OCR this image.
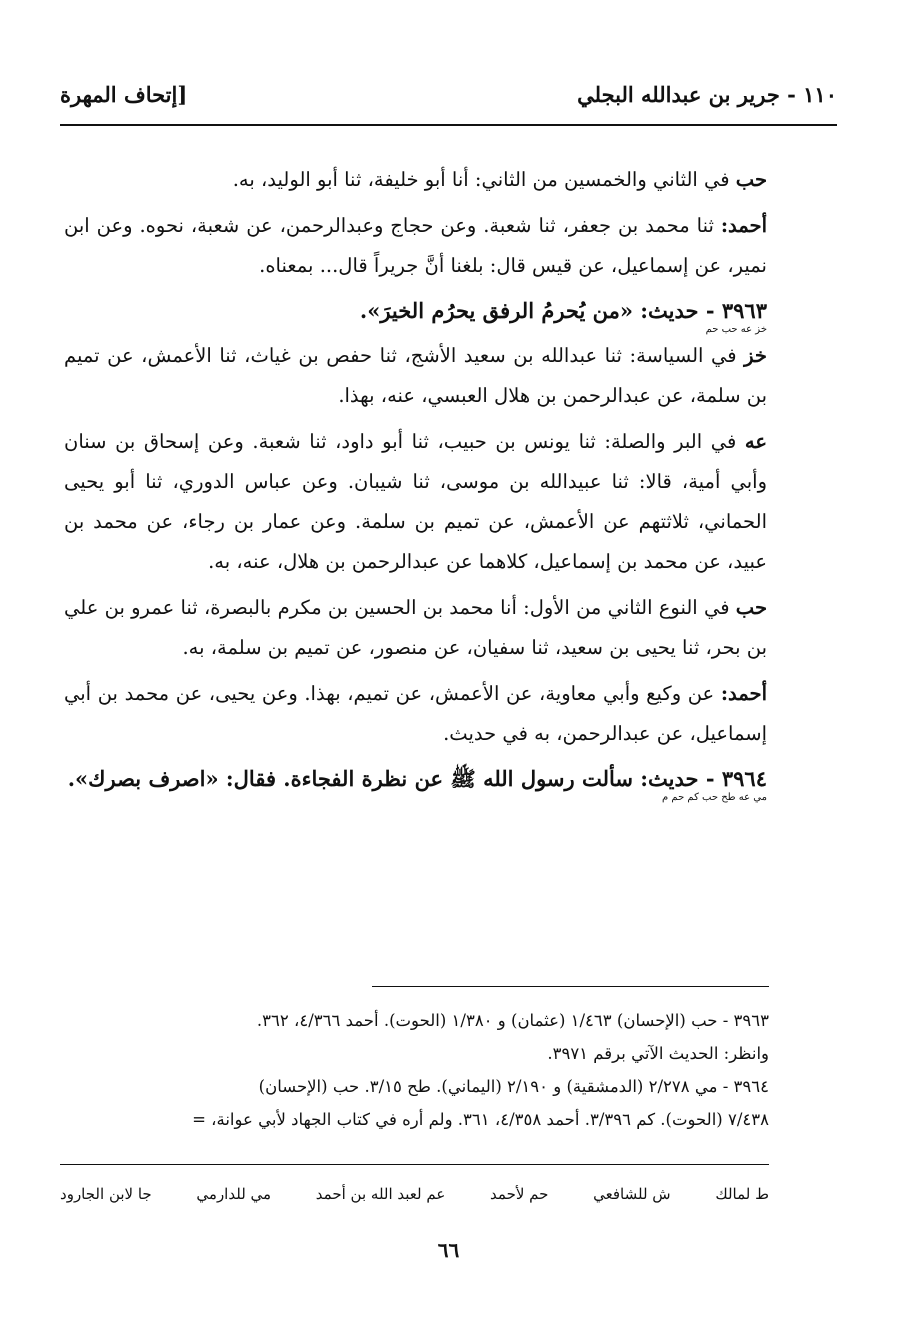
١١٠ - جرير بن عبدالله البجلي
[إتحاف المهرة

حب في الثاني والخمسين من الثاني: أنا أبو خليفة، ثنا أبو الوليد، به.

أحمد: ثنا محمد بن جعفر، ثنا شعبة. وعن حجاج وعبدالرحمن، عن شعبة، نحوه. وعن ابن نمير، عن إسماعيل، عن قيس قال: بلغنا أنَّ جريراً قال... بمعناه.

٣٩٦٣ - حديث: «من يُحرمُ الرفق يحرُم الخيرَ».

خز عه حب حم

خز في السياسة: ثنا عبدالله بن سعيد الأشج، ثنا حفص بن غياث، ثنا الأعمش، عن تميم بن سلمة، عن عبدالرحمن بن هلال العبسي، عنه، بهذا.

عه في البر والصلة: ثنا يونس بن حبيب، ثنا أبو داود، ثنا شعبة. وعن إسحاق بن سنان وأبي أمية، قالا: ثنا عبيدالله بن موسى، ثنا شيبان. وعن عباس الدوري، ثنا أبو يحيى الحماني، ثلاثتهم عن الأعمش، عن تميم بن سلمة. وعن عمار بن رجاء، عن محمد بن عبيد، عن محمد بن إسماعيل، كلاهما عن عبدالرحمن بن هلال، عنه، به.

حب في النوع الثاني من الأول: أنا محمد بن الحسين بن مكرم بالبصرة، ثنا عمرو بن علي بن بحر، ثنا يحيى بن سعيد، ثنا سفيان، عن منصور، عن تميم بن سلمة، به.

أحمد: عن وكيع وأبي معاوية، عن الأعمش، عن تميم، بهذا. وعن يحيى، عن محمد بن أبي إسماعيل، عن عبدالرحمن، به في حديث.

٣٩٦٤ - حديث: سألت رسول الله ﷺ عن نظرة الفجاءة. فقال: «اصرف بصرك».

مي عه طح حب كم حم م

٣٩٦٣ - حب (الإحسان) ١/٤٦٣ (عثمان) و ١/٣٨٠ (الحوت). أحمد ٤/٣٦٦، ٣٦٢.

وانظر: الحديث الآتي برقم ٣٩٧١.

٣٩٦٤ - مي ٢/٢٧٨ (الدمشقية) و ٢/١٩٠ (اليماني). طح ٣/١٥. حب (الإحسان)

٧/٤٣٨ (الحوت). كم ٣/٣٩٦. أحمد ٤/٣٥٨، ٣٦١. ولم أره في كتاب الجهاد لأبي عوانة، =

ط لمالك
ش للشافعي
حم لأحمد
عم لعبد الله بن أحمد
مي للدارمي
جا لابن الجارود
٦٦
